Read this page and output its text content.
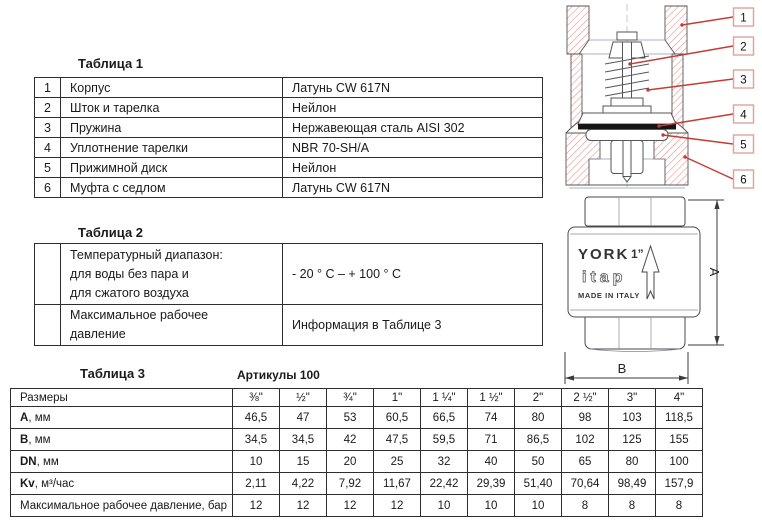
Таблица 1
1	Корпус	Латунь CW 617N
2	Шток и тарелка	Нейлон
3	Пружина	Нержавеющая сталь AISI 302
4	Уплотнение тарелки	NBR 70-SH/A
5	Прижимной диск	Нейлон
6	Муфта с седлом	Латунь CW 617N
Таблица 2

	Температурный диапазон:
для воды без пара и
для сжатого воздуха	- 20 ° C – + 100 ° C

	Максимальное рабочее
давление	Информация в Таблице 3
Таблица 3	Артикулы 100
Размеры	⅜"	½"	¾"	1"	1 ¼"	1 ½"	2"	2 ½"	3"	4"
A, мм	46,5	47	53	60,5	66,5	74	80	98	103	118,5
B, мм	34,5	34,5	42	47,5	59,5	71	86,5	102	125	155
DN, мм	10	15	20	25	32	40	50	65	80	100
Kv, м³/час	2,11	4,22	7,92	11,67	22,42	29,39	51,40	70,64	98,49	157,9
Максимальное рабочее давление, бар	12	12	12	12	10	10	10	8	8	8
1
2
3
4
5
6
YORK 1”
itap
MADE IN ITALY
A
B
